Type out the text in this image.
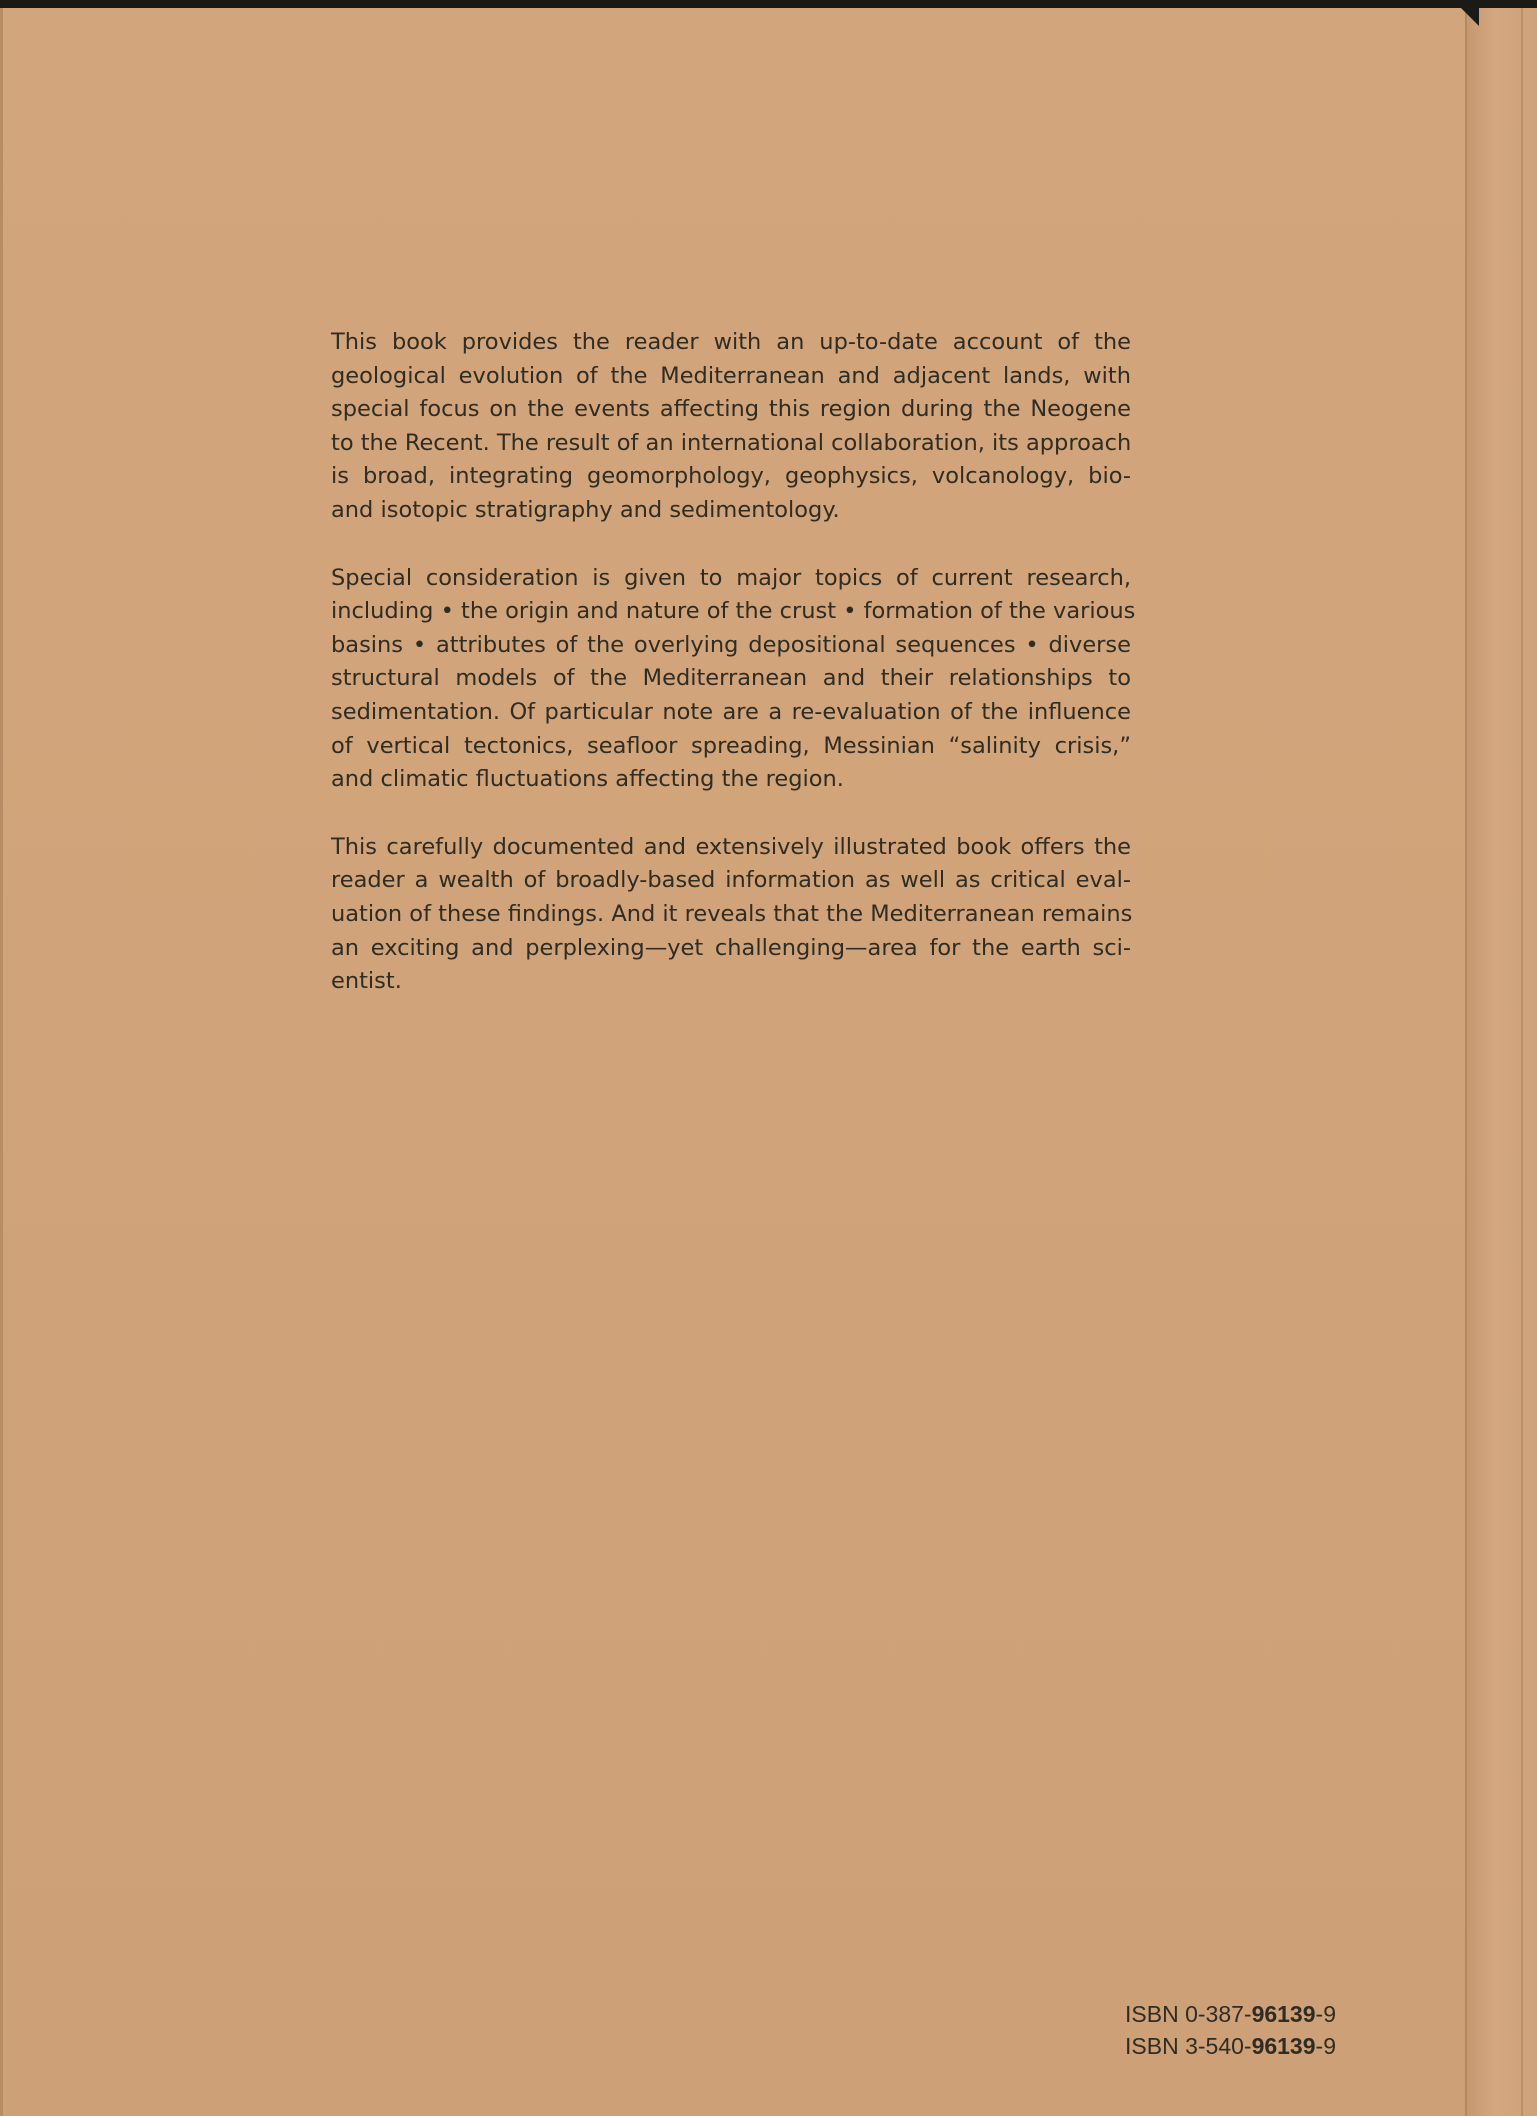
This book provides the reader with an up-to-date account of the
geological evolution of the Mediterranean and adjacent lands, with
special focus on the events affecting this region during the Neogene
to the Recent. The result of an international collaboration, its approach
is broad, integrating geomorphology, geophysics, volcanology, bio-
and isotopic stratigraphy and sedimentology.

Special consideration is given to major topics of current research,
including • the origin and nature of the crust • formation of the various
basins • attributes of the overlying depositional sequences • diverse
structural models of the Mediterranean and their relationships to
sedimentation. Of particular note are a re-evaluation of the influence
of vertical tectonics, seafloor spreading, Messinian “salinity crisis,”
and climatic fluctuations affecting the region.

This carefully documented and extensively illustrated book offers the
reader a wealth of broadly-based information as well as critical eval-
uation of these findings. And it reveals that the Mediterranean remains
an exciting and perplexing—yet challenging—area for the earth sci-
entist.

ISBN 0-387-96139-9
ISBN 3-540-96139-9
